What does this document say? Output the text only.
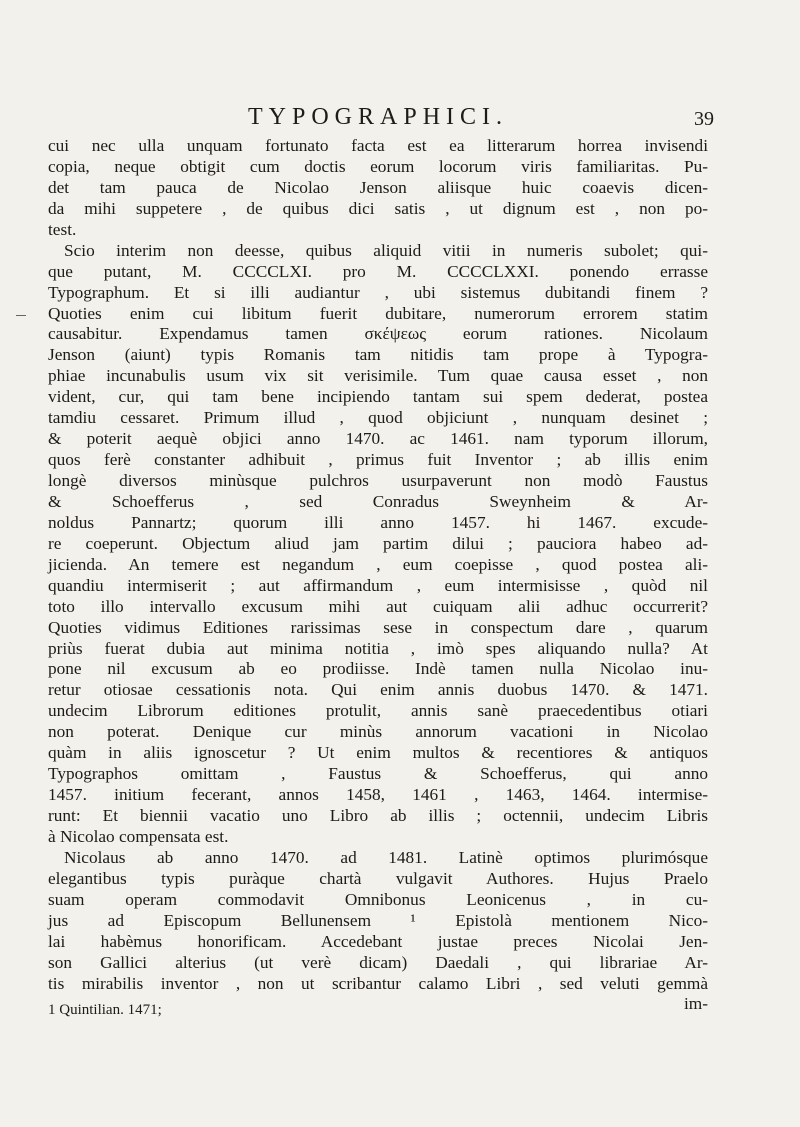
TYPOGRAPHICI.	39
cui nec ulla unquam fortunato facta est ea litterarum horrea invisendi
copia, neque obtigit cum doctis eorum locorum viris familiaritas. Pu-
det tam pauca de Nicolao Jenson aliisque huic coaevis dicen-
da mihi suppetere , de quibus dici satis , ut dignum est , non po-
test.
Scio interim non deesse, quibus aliquid vitii in numeris subolet; qui-
que putant, M. CCCCLXI. pro M. CCCCLXXI. ponendo errasse
Typographum. Et si illi audiantur , ubi sistemus dubitandi finem ?
Quoties enim cui libitum fuerit dubitare, numerorum errorem statim
causabitur. Expendamus tamen σκέψεως eorum rationes. Nicolaum
Jenson (aiunt) typis Romanis tam nitidis tam prope à Typogra-
phiae incunabulis usum vix sit verisimile. Tum quae causa esset , non
vident, cur, qui tam bene incipiendo tantam sui spem dederat, postea
tamdiu cessaret. Primum illud , quod objiciunt , nunquam desinet ;
& poterit aequè objici anno 1470. ac 1461. nam typorum illorum,
quos ferè constanter adhibuit , primus fuit Inventor ; ab illis enim
longè diversos minùsque pulchros usurpaverunt non modò Faustus
& Schoefferus , sed Conradus Sweynheim & Ar-
noldus Pannartz; quorum illi anno 1457. hi 1467. excude-
re coeperunt. Objectum aliud jam partim dilui ; pauciora habeo ad-
jicienda. An temere est negandum , eum coepisse , quod postea ali-
quandiu intermiserit ; aut affirmandum , eum intermisisse , quòd nil
toto illo intervallo excusum mihi aut cuiquam alii adhuc occurrerit?
Quoties vidimus Editiones rarissimas sese in conspectum dare , quarum
priùs fuerat dubia aut minima notitia , imò spes aliquando nulla? At
pone nil excusum ab eo prodiisse. Indè tamen nulla Nicolao inu-
retur otiosae cessationis nota. Qui enim annis duobus 1470. & 1471.
undecim Librorum editiones protulit, annis sanè praecedentibus otiari
non poterat. Denique cur minùs annorum vacationi in Nicolao
quàm in aliis ignoscetur ? Ut enim multos & recentiores & antiquos
Typographos omittam , Faustus & Schoefferus, qui anno
1457. initium fecerant, annos 1458, 1461 , 1463, 1464. intermise-
runt: Et biennii vacatio uno Libro ab illis ; octennii, undecim Libris
à Nicolao compensata est.
Nicolaus ab anno 1470. ad 1481. Latinè optimos plurimósque
elegantibus typis puràque chartà vulgavit Authores. Hujus Praelo
suam operam commodavit Omnibonus Leonicenus , in cu-
jus ad Episcopum Bellunensem ¹ Epistolà mentionem Nico-
lai habèmus honorificam. Accedebant justae preces Nicolai Jen-
son Gallici alterius (ut verè dicam) Daedali , qui librariae Ar-
tis mirabilis inventor , non ut scribantur calamo Libri , sed veluti gemmà
im-
1 Quintilian. 1471;
